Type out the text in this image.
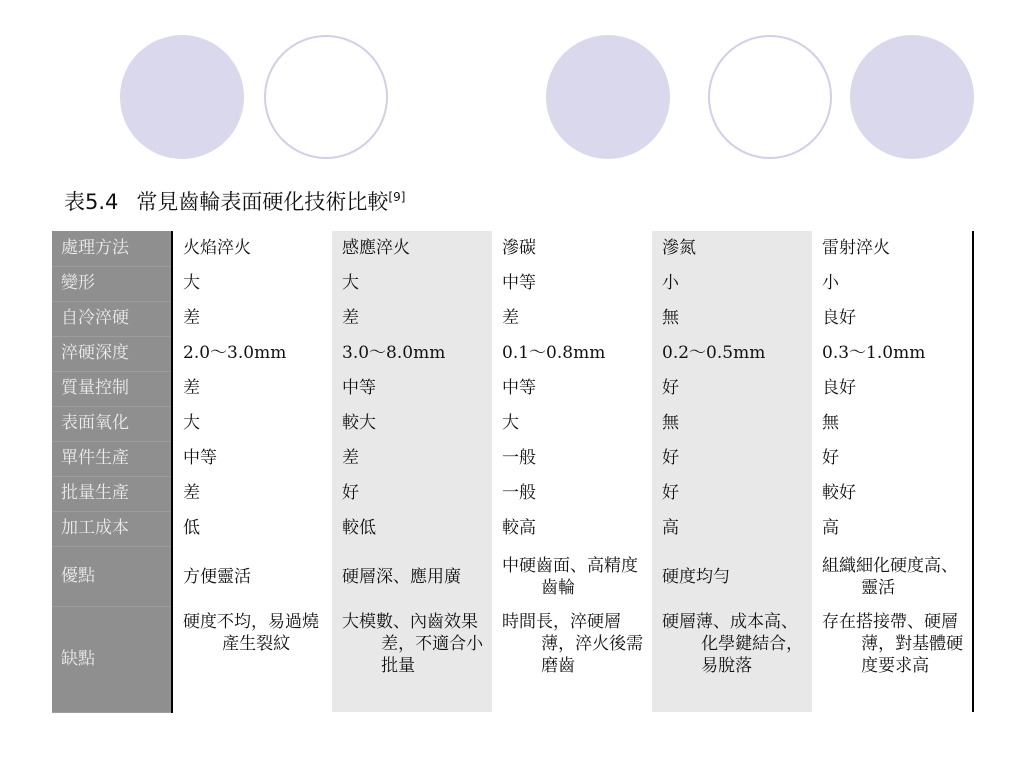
表5.4 常見齒輪表面硬化技術比較[9]
處理方法	火焰淬火	感應淬火	滲碳	滲氮	雷射淬火
變形	大	大	中等	小	小
自冷淬硬	差	差	差	無	良好
淬硬深度	2.0～3.0mm	3.0～8.0mm	0.1～0.8mm	0.2～0.5mm	0.3～1.0mm
質量控制	差	中等	中等	好	良好
表面氧化	大	較大	大	無	無
單件生產	中等	差	一般	好	好
批量生產	差	好	一般	好	較好
加工成本	低	較低	較高	高	高
優點	方便靈活	硬層深、應用廣	中硬齒面、高精度齒輪	硬度均勻	組織細化硬度高、靈活

缺點	硬度不均，易過燒產生裂紋	大模數、內齒效果差，不適合小批量	時間長，淬硬層薄，淬火後需磨齒	硬層薄、成本高、化學鍵結合，易脫落	存在搭接帶、硬層薄，對基體硬度要求高
